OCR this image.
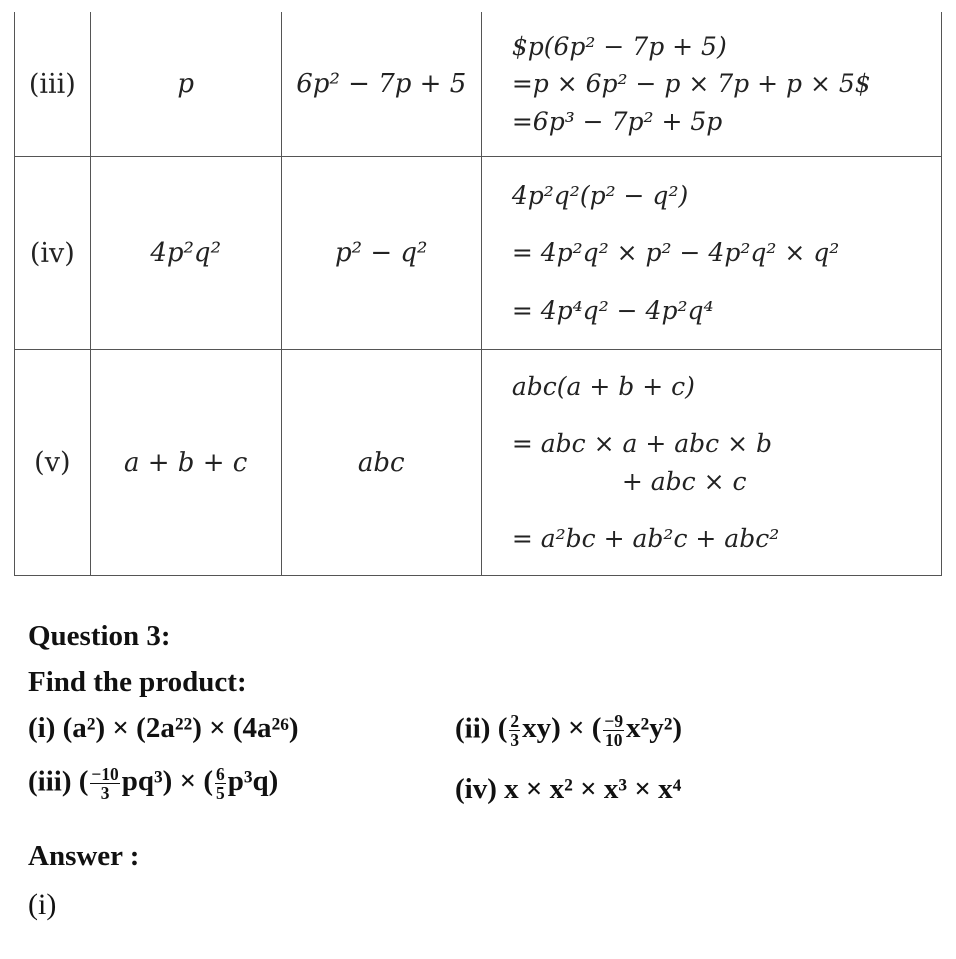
(iii)	p	6p² − 7p + 5	$p(6p² − 7p + 5)
=p × 6p² − p × 7p + p × 5$
=6p³ − 7p² + 5p

(iv)	4p²q²	p² − q²	4p²q²(p² − q²)
= 4p²q² × p² − 4p²q² × q²
= 4p⁴q² − 4p²q⁴

(v)	a + b + c	abc	abc(a + b + c)
= abc × a + abc × b
+ abc × c
= a²bc + ab²c + abc²
Question 3:
Find the product:
(i) (a²) × (2a²²) × (4a²⁶)	(ii) ( $\frac{2}{3} xy$) × ( $\frac{-9}{10} x^2y^2$)
(iii) ( $\frac{-10}{3} pq^3$) × ( $\frac{6}{5} p^3q$)	(iv) x × x² × x³ × x⁴
Answer :
(i)
